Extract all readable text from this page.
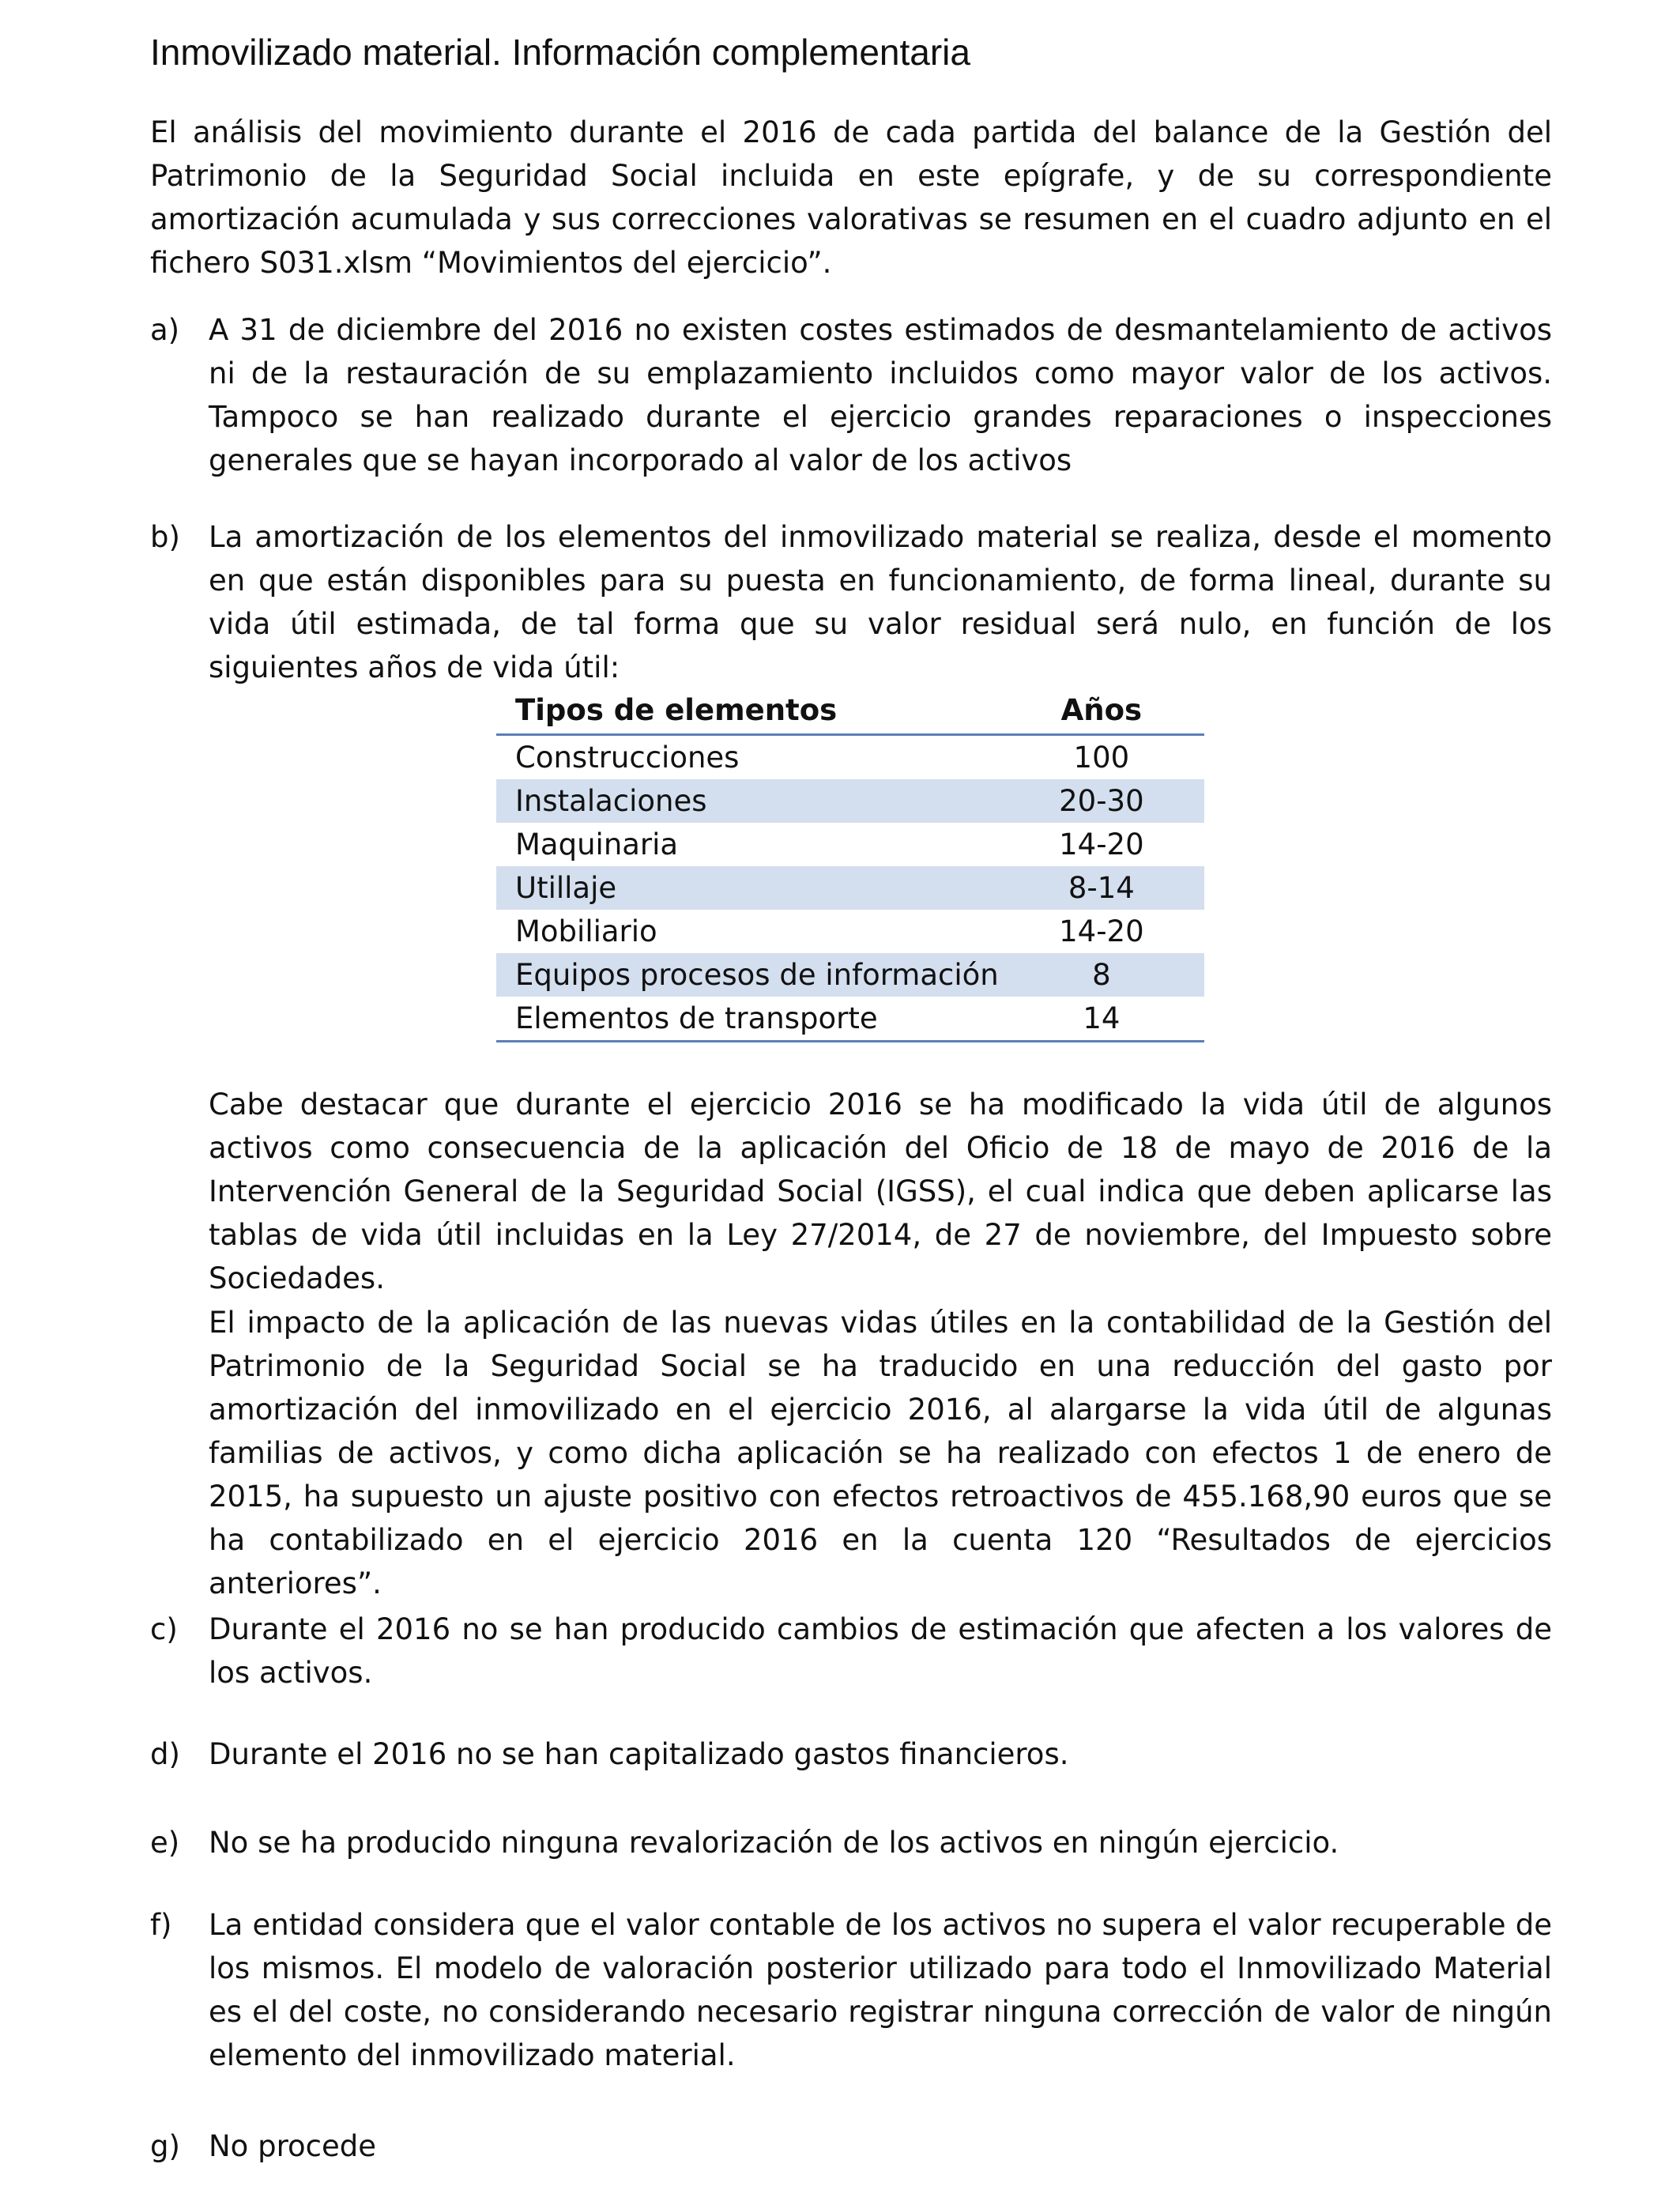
Inmovilizado material. Información complementaria

El análisis del movimiento durante el 2016 de cada partida del balance de la Gestión del Patrimonio de la Seguridad Social incluida en este epígrafe, y de su correspondiente amortización acumulada y sus correcciones valorativas se resumen en el cuadro adjunto en el fichero S031.xlsm “Movimientos del ejercicio”.

a) A 31 de diciembre del 2016 no existen costes estimados de desmantelamiento de activos ni de la restauración de su emplazamiento incluidos como mayor valor de los activos. Tampoco se han realizado durante el ejercicio grandes reparaciones o inspecciones generales que se hayan incorporado al valor de los activos

b) La amortización de los elementos del inmovilizado material se realiza, desde el momento en que están disponibles para su puesta en funcionamiento, de forma lineal, durante su vida útil estimada, de tal forma que su valor residual será nulo, en función de los siguientes años de vida útil:

Tipos de elementos	Años
Construcciones	100
Instalaciones	20-30
Maquinaria	14-20
Utillaje	8-14
Mobiliario	14-20
Equipos procesos de información	8
Elementos de transporte	14

Cabe destacar que durante el ejercicio 2016 se ha modificado la vida útil de algunos activos como consecuencia de la aplicación del Oficio de 18 de mayo de 2016 de la Intervención General de la Seguridad Social (IGSS), el cual indica que deben aplicarse las tablas de vida útil incluidas en la Ley 27/2014, de 27 de noviembre, del Impuesto sobre Sociedades.

El impacto de la aplicación de las nuevas vidas útiles en la contabilidad de la Gestión del Patrimonio de la Seguridad Social se ha traducido en una reducción del gasto por amortización del inmovilizado en el ejercicio 2016, al alargarse la vida útil de algunas familias de activos, y como dicha aplicación se ha realizado con efectos 1 de enero de 2015, ha supuesto un ajuste positivo con efectos retroactivos de 455.168,90 euros que se ha contabilizado en el ejercicio 2016 en la cuenta 120 “Resultados de ejercicios anteriores”.

c) Durante el 2016 no se han producido cambios de estimación que afecten a los valores de los activos.

d) Durante el 2016 no se han capitalizado gastos financieros.

e) No se ha producido ninguna revalorización de los activos en ningún ejercicio.

f) La entidad considera que el valor contable de los activos no supera el valor recuperable de los mismos. El modelo de valoración posterior utilizado para todo el Inmovilizado Material es el del coste, no considerando necesario registrar ninguna corrección de valor de ningún elemento del inmovilizado material.

g) No procede
